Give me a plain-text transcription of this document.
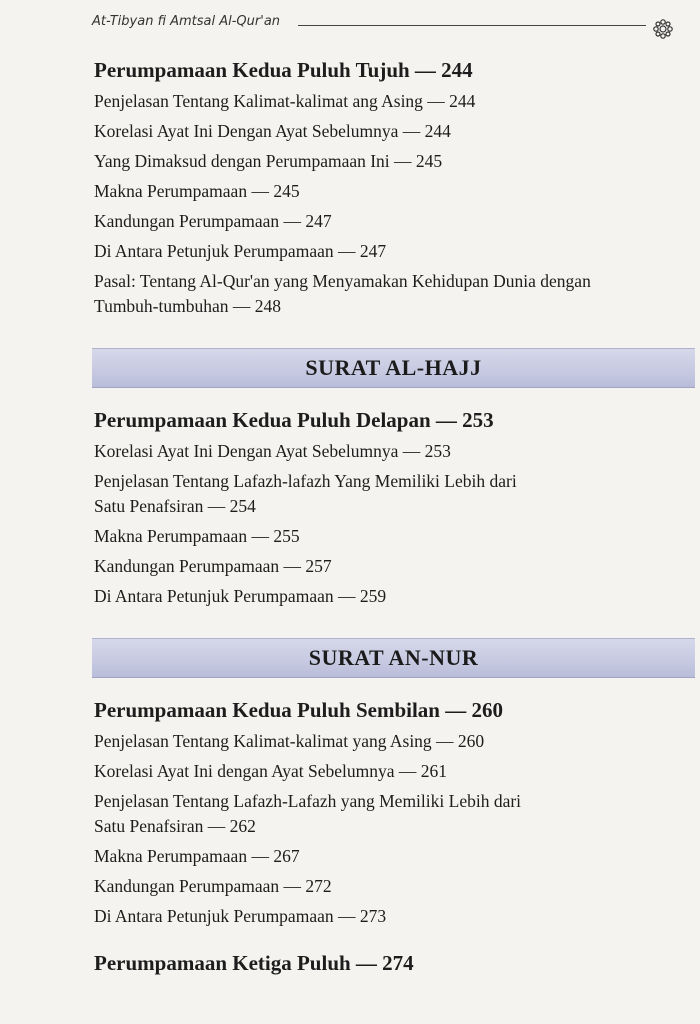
At-Tibyan fi Amtsal Al-Qur'an
Perumpamaan Kedua Puluh Tujuh — 244
Penjelasan Tentang Kalimat-kalimat ang Asing — 244
Korelasi Ayat Ini Dengan Ayat Sebelumnya — 244
Yang Dimaksud dengan Perumpamaan Ini — 245
Makna Perumpamaan — 245
Kandungan Perumpamaan — 247
Di Antara Petunjuk Perumpamaan — 247
Pasal: Tentang Al-Qur'an yang Menyamakan Kehidupan Dunia dengan Tumbuh-tumbuhan — 248
SURAT AL-HAJJ
Perumpamaan Kedua Puluh Delapan — 253
Korelasi Ayat Ini Dengan Ayat Sebelumnya — 253
Penjelasan Tentang Lafazh-lafazh Yang Memiliki Lebih dari Satu Penafsiran — 254
Makna Perumpamaan — 255
Kandungan Perumpamaan — 257
Di Antara Petunjuk Perumpamaan — 259
SURAT AN-NUR
Perumpamaan Kedua Puluh Sembilan — 260
Penjelasan Tentang Kalimat-kalimat yang Asing — 260
Korelasi Ayat Ini dengan Ayat Sebelumnya — 261
Penjelasan Tentang Lafazh-Lafazh yang Memiliki Lebih dari Satu Penafsiran — 262
Makna Perumpamaan — 267
Kandungan Perumpamaan — 272
Di Antara Petunjuk Perumpamaan — 273
Perumpamaan Ketiga Puluh — 274
